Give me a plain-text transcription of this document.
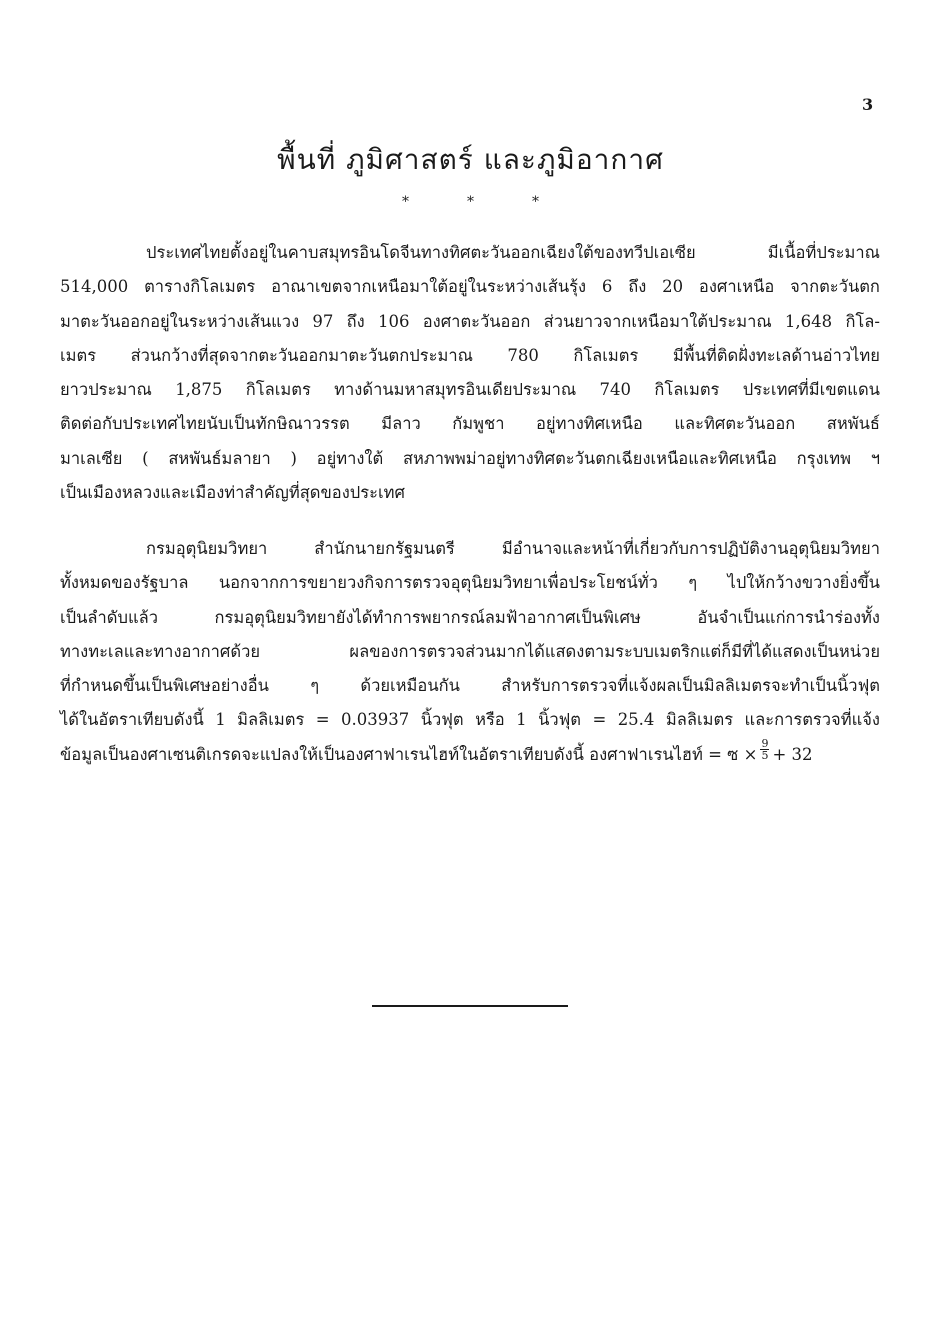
3
พื้นที่ ภูมิศาสตร์ และภูมิอากาศ
*	*	*
ประเทศไทยตั้งอยู่ในคาบสมุทรอินโดจีนทางทิศตะวันออกเฉียงใต้ของทวีปเอเซีย	มีเนื้อที่ประมาณ
514,000 ตารางกิโลเมตร อาณาเขตจากเหนือมาใต้อยู่ในระหว่างเส้นรุ้ง 6 ถึง 20 องศาเหนือ จากตะวันตก
มาตะวันออกอยู่ในระหว่างเส้นแวง 97 ถึง 106 องศาตะวันออก ส่วนยาวจากเหนือมาใต้ประมาณ 1,648 กิโล-
เมตร ส่วนกว้างที่สุดจากตะวันออกมาตะวันตกประมาณ 780 กิโลเมตร มีพื้นที่ติดฝั่งทะเลด้านอ่าวไทย
ยาวประมาณ 1,875 กิโลเมตร ทางด้านมหาสมุทรอินเดียประมาณ 740 กิโลเมตร ประเทศที่มีเขตแดน
ติดต่อกับประเทศไทยนับเป็นทักษิณาวรรต มีลาว กัมพูชา อยู่ทางทิศเหนือ และทิศตะวันออก สหพันธ์
มาเลเซีย ( สหพันธ์มลายา ) อยู่ทางใต้ สหภาพพม่าอยู่ทางทิศตะวันตกเฉียงเหนือและทิศเหนือ กรุงเทพ ฯ
เป็นเมืองหลวงและเมืองท่าสำคัญที่สุดของประเทศ
กรมอุตุนิยมวิทยา	สำนักนายกรัฐมนตรี	มีอำนาจและหน้าที่เกี่ยวกับการปฏิบัติงานอุตุนิยมวิทยา
ทั้งหมดของรัฐบาล นอกจากการขยายวงกิจการตรวจอุตุนิยมวิทยาเพื่อประโยชน์ทั่ว ๆ ไปให้กว้างขวางยิ่งขึ้น
เป็นลำดับแล้ว	กรมอุตุนิยมวิทยายังได้ทำการพยากรณ์ลมฟ้าอากาศเป็นพิเศษ	อันจำเป็นแก่การนำร่องทั้ง
ทางทะเลและทางอากาศด้วย	ผลของการตรวจส่วนมากได้แสดงตามระบบเมตริกแต่ก็มีที่ได้แสดงเป็นหน่วย
ที่กำหนดขึ้นเป็นพิเศษอย่างอื่น	ๆ	ด้วยเหมือนกัน	สำหรับการตรวจที่แจ้งผลเป็นมิลลิเมตรจะทำเป็นนิ้วฟุต
ได้ในอัตราเทียบดังนี้ 1 มิลลิเมตร = 0.03937 นิ้วฟุต หรือ 1 นิ้วฟุต = 25.4 มิลลิเมตร และการตรวจที่แจ้ง
ข้อมูลเป็นองศาเซนติเกรดจะแปลงให้เป็นองศาฟาเรนไฮท์ในอัตราเทียบดังนี้ องศาฟาเรนไฮท์ = ซ × $\frac{9}{5} + 32$
